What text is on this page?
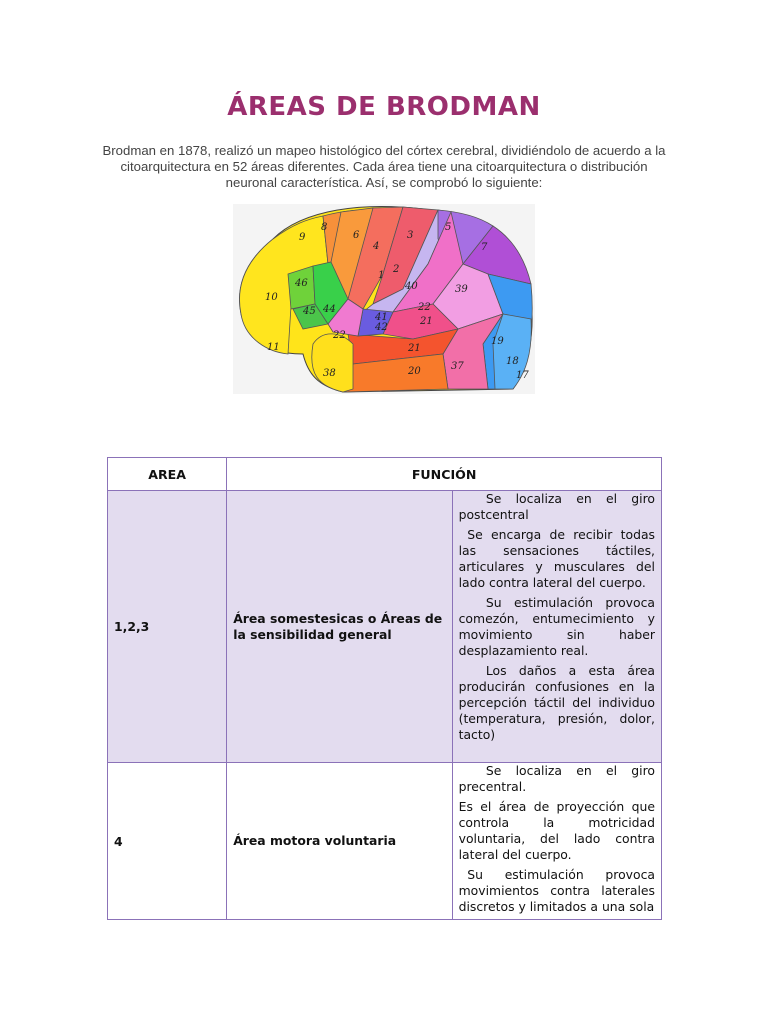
ÁREAS DE BRODMAN
Brodman en 1878, realizó un mapeo histológico del córtex cerebral, dividiéndolo de acuerdo a la citoarquitectura en 52 áreas diferentes. Cada área tiene una citoarquitectura o distribución neuronal característica. Así, se comprobó lo siguiente:
9
8
6
4
3
5
7
10
46
45 44
1
2
40	39
22
41
42
22
21
21
19
18
17
11
38	20	37
AREA	FUNCIÓN	
1,2,3	Área somestesicas o Áreas de la sensibilidad general	Se localiza en el giro postcentral

Se encarga de recibir todas las sensaciones táctiles, articulares y musculares del lado contra lateral del cuerpo.

Su estimulación provoca comezón, entumecimiento y movimiento sin haber desplazamiento real.

Los daños a esta área producirán confusiones en la percepción táctil del individuo (temperatura, presión, dolor, tacto)

4	Área motora voluntaria	Se localiza en el giro precentral.

Es el área de proyección que controla la motricidad voluntaria, del lado contra lateral del cuerpo.

Su estimulación provoca movimientos contra laterales discretos y limitados a una sola
